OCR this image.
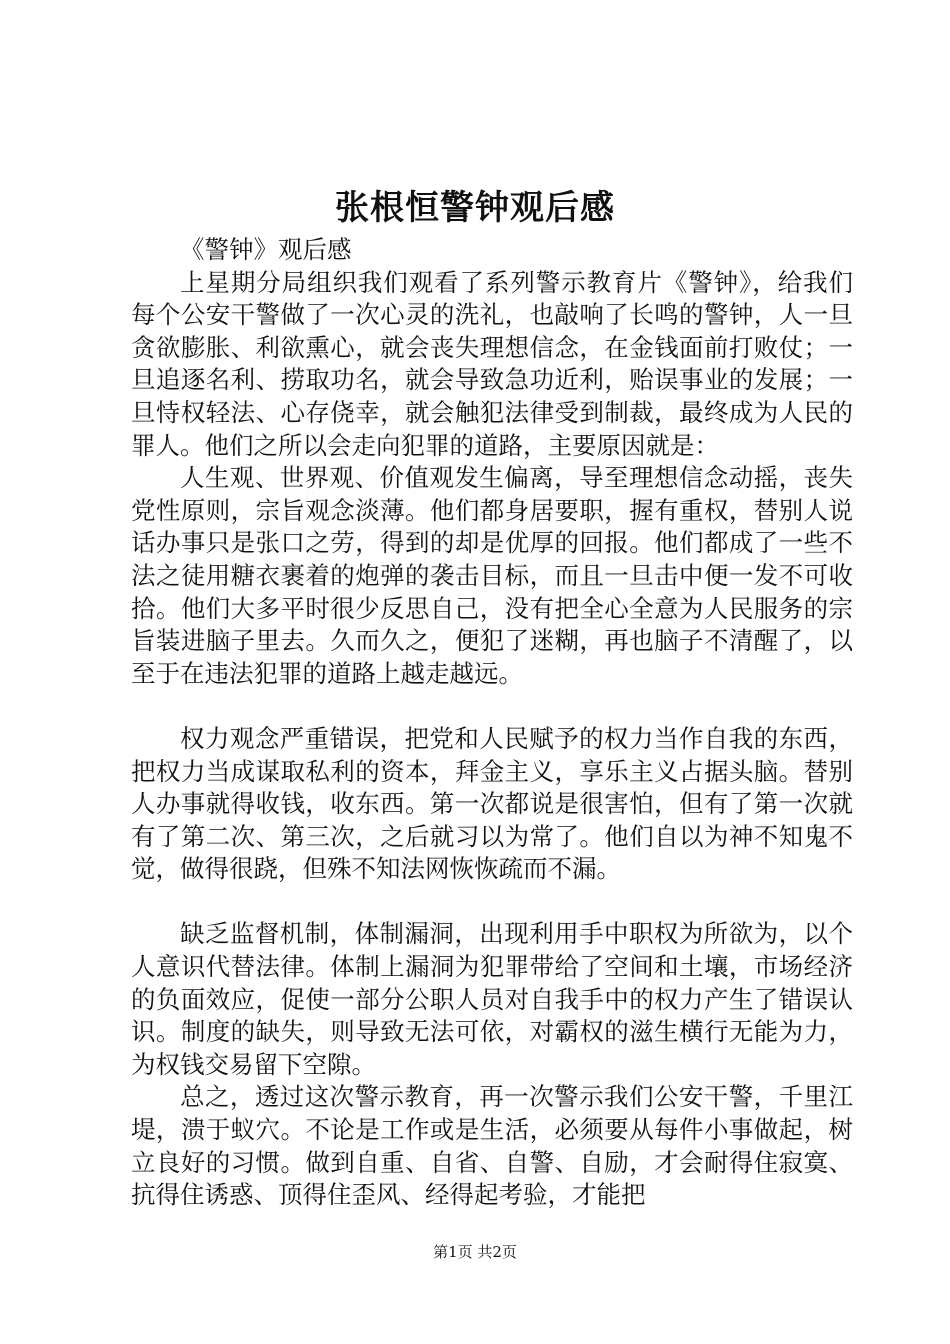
张根恒警钟观后感

《警钟》观后感

上星期分局组织我们观看了系列警示教育片《警钟》，给我们每个公安干警做了一次心灵的洗礼，也敲响了长鸣的警钟，人一旦贪欲膨胀、利欲熏心，就会丧失理想信念，在金钱面前打败仗；一旦追逐名利、捞取功名，就会导致急功近利，贻误事业的发展；一旦恃权轻法、心存侥幸，就会触犯法律受到制裁，最终成为人民的罪人。他们之所以会走向犯罪的道路，主要原因就是：

人生观、世界观、价值观发生偏离，导至理想信念动摇，丧失党性原则，宗旨观念淡薄。他们都身居要职，握有重权，替别人说话办事只是张口之劳，得到的却是优厚的回报。他们都成了一些不法之徒用糖衣裹着的炮弹的袭击目标，而且一旦击中便一发不可收拾。他们大多平时很少反思自己，没有把全心全意为人民服务的宗旨装进脑子里去。久而久之，便犯了迷糊，再也脑子不清醒了，以至于在违法犯罪的道路上越走越远。

权力观念严重错误，把党和人民赋予的权力当作自我的东西，把权力当成谋取私利的资本，拜金主义，享乐主义占据头脑。替别人办事就得收钱，收东西。第一次都说是很害怕，但有了第一次就有了第二次、第三次，之后就习以为常了。他们自以为神不知鬼不觉，做得很跷，但殊不知法网恢恢疏而不漏。

缺乏监督机制，体制漏洞，出现利用手中职权为所欲为，以个人意识代替法律。体制上漏洞为犯罪带给了空间和土壤，市场经济的负面效应，促使一部分公职人员对自我手中的权力产生了错误认识。制度的缺失，则导致无法可依，对霸权的滋生横行无能为力，为权钱交易留下空隙。

总之，透过这次警示教育，再一次警示我们公安干警，千里江堤，溃于蚁穴。不论是工作或是生活，必须要从每件小事做起，树立良好的习惯。做到自重、自省、自警、自励，才会耐得住寂寞、抗得住诱惑、顶得住歪风、经得起考验，才能把

第1页 共2页
